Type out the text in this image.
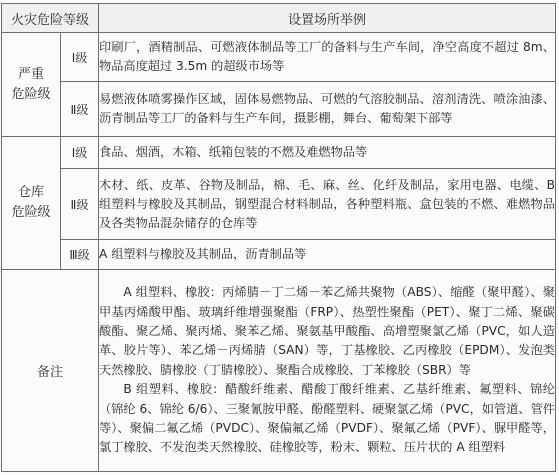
火灾危险等级		设置场所举例

严重
危险级	Ⅰ级	印刷厂，酒精制品、可燃液体制品等工厂的备料与生产车间，净空高度不超过 8m、物品高度超过 3.5m 的超级市场等
	Ⅱ级	易燃液体喷雾操作区域，固体易燃物品、可燃的气溶胶制品、溶剂清洗、喷涂油漆、沥青制品等工厂的备料与生产车间，摄影棚，舞台、葡萄架下部等

仓库
危险级	Ⅰ级	食品、烟酒，木箱、纸箱包装的不燃及难燃物品等
	Ⅱ级	木材、纸、皮革、谷物及制品，棉、毛、麻、丝、化纤及制品，家用电器、电缆、B 组塑料与橡胶及其制品，钢塑混合材料制品，各种塑料瓶、盒包装的不燃、难燃物品及各类物品混杂储存的仓库等
	Ⅲ级	A 组塑料与橡胶及其制品，沥青制品等
备注		A 组塑料、橡胶：丙烯腈－丁二烯－苯乙烯共聚物（ABS）、缩醛（聚甲醛）、聚甲基丙烯酸甲酯、玻璃纤维增强聚酯（FRP）、热塑性聚酯（PET）、聚丁二烯、聚碳酸酯、聚乙烯、聚丙烯、聚苯乙烯、聚氨基甲酸酯、高增塑聚氯乙烯（PVC，如人造革、胶片等）、苯乙烯－丙烯腈（SAN）等，丁基橡胶、乙丙橡胶（EPDM）、发泡类天然橡胶、腈橡胶（丁腈橡胶）、聚酯合成橡胶、丁苯橡胶（SBR）等
B 组塑料、橡胶：醋酸纤维素、醋酸丁酸纤维素、乙基纤维素、氟塑料、锦纶（锦纶 6、锦纶 6/6）、三聚氰胺甲醛、酚醛塑料、硬聚氯乙烯（PVC，如管道、管件等）、聚偏二氟乙烯（PVDC）、聚偏氟乙烯（PVDF）、聚氟乙烯（PVF）、脲甲醛等，氯丁橡胶、不发泡类天然橡胶、硅橡胶等，粉末、颗粒、压片状的 A 组塑料
